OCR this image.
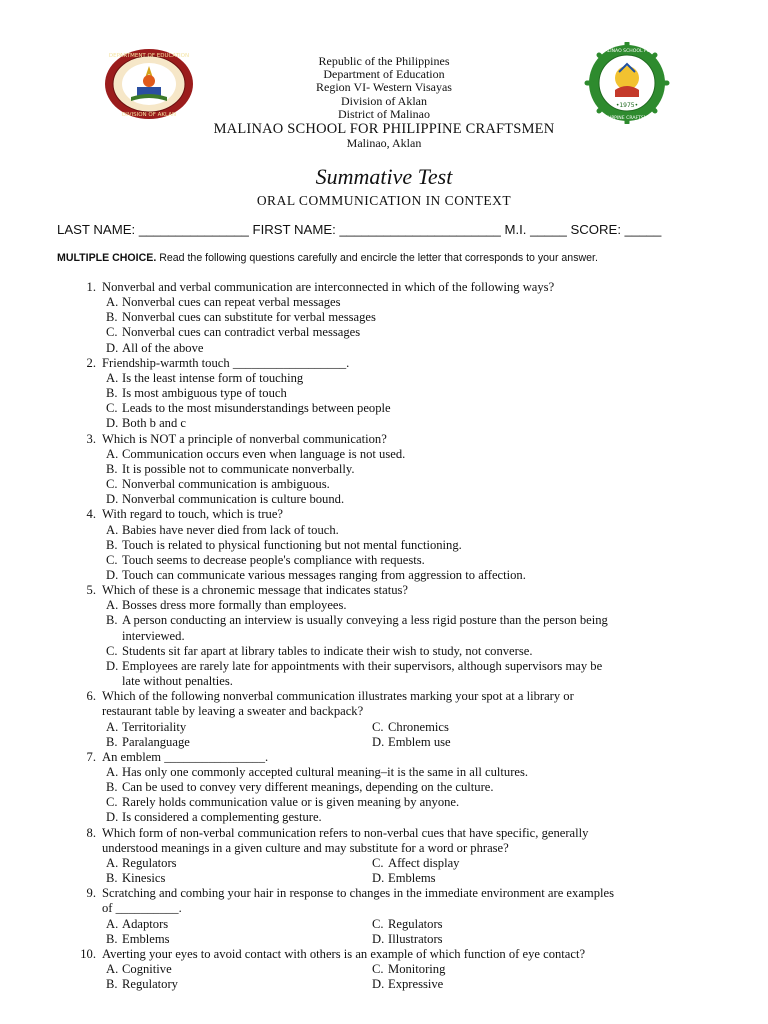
DEPARTMENT OF EDUCATION
DIVISION OF AKLAN
•1975•
MALINAO SCHOOL FOR
PHILIPPINE CRAFTSMEN
Republic of the Philippines
Department of Education
Region VI- Western Visayas
Division of Aklan
District of Malinao
MALINAO SCHOOL FOR PHILIPPINE CRAFTSMEN
Malinao, Aklan
Summative Test
ORAL COMMUNICATION IN CONTEXT
LAST NAME: _______________ FIRST NAME: ______________________ M.I. _____ SCORE: _____
MULTIPLE CHOICE. Read the following questions carefully and encircle the letter that corresponds to your answer.
1. Nonverbal and verbal communication are interconnected in which of the following ways?
A. Nonverbal cues can repeat verbal messages
B. Nonverbal cues can substitute for verbal messages
C. Nonverbal cues can contradict verbal messages
D. All of the above
2. Friendship-warmth touch __________________.
A. Is the least intense form of touching
B. Is most ambiguous type of touch
C. Leads to the most misunderstandings between people
D. Both b and c
3. Which is NOT a principle of nonverbal communication?
A. Communication occurs even when language is not used.
B. It is possible not to communicate nonverbally.
C. Nonverbal communication is ambiguous.
D. Nonverbal communication is culture bound.
4. With regard to touch, which is true?
A. Babies have never died from lack of touch.
B. Touch is related to physical functioning but not mental functioning.
C. Touch seems to decrease people's compliance with requests.
D. Touch can communicate various messages ranging from aggression to affection.
5. Which of these is a chronemic message that indicates status?
A. Bosses dress more formally than employees.
B. A person conducting an interview is usually conveying a less rigid posture than the person being
interviewed.
C. Students sit far apart at library tables to indicate their wish to study, not converse.
D. Employees are rarely late for appointments with their supervisors, although supervisors may be
late without penalties.
6. Which of the following nonverbal communication illustrates marking your spot at a library or
restaurant table by leaving a sweater and backpack?
A. Territoriality	C. Chronemics
B. Paralanguage	D. Emblem use
7. An emblem ________________.
A. Has only one commonly accepted cultural meaning–it is the same in all cultures.
B. Can be used to convey very different meanings, depending on the culture.
C. Rarely holds communication value or is given meaning by anyone.
D. Is considered a complementing gesture.
8. Which form of non-verbal communication refers to non-verbal cues that have specific, generally
understood meanings in a given culture and may substitute for a word or phrase?
A. Regulators	C. Affect display
B. Kinesics	D. Emblems
9. Scratching and combing your hair in response to changes in the immediate environment are examples
of __________.
A. Adaptors	C. Regulators
B. Emblems	D. Illustrators
10. Averting your eyes to avoid contact with others is an example of which function of eye contact?
A. Cognitive	C. Monitoring
B. Regulatory	D. Expressive
